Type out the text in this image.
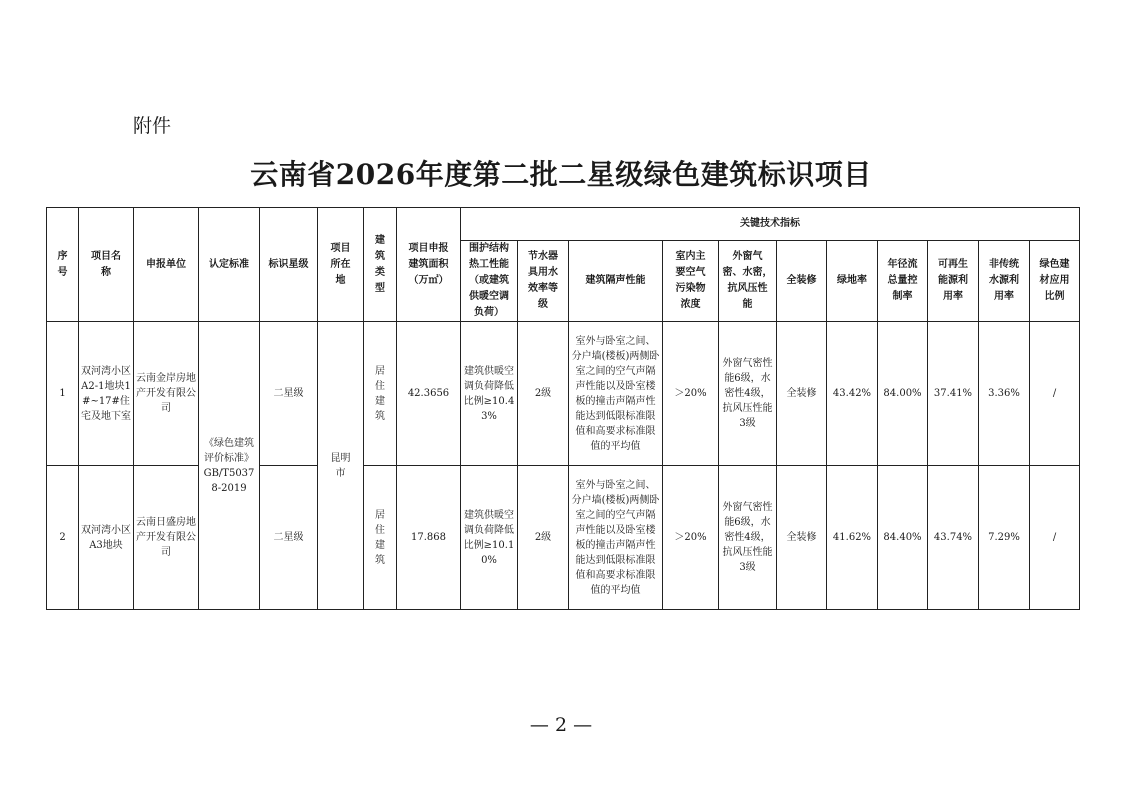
附件
云南省2026年度第二批二星级绿色建筑标识项目
序
号	项目名
称	申报单位	认定标准	标识星级	项目
所在
地	建
筑
类
型	项目申报
建筑面积
（万㎡）	关键技术指标										
								围护结构
热工性能
（或建筑
供暖空调
负荷）	节水器
具用水
效率等
级	建筑隔声性能	室内主
要空气
污染物
浓度	外窗气
密、水密，
抗风压性
能	全装修	绿地率	年径流
总量控
制率	可再生
能源利
用率	非传统
水源利
用率	绿色建
材应用
比例
1	双河湾小区A2-1地块1#~17#住宅及地下室	云南金岸房地产开发有限公司	《绿色建筑评价标准》
GB/T50378-2019	二星级	昆明
市	居
住
建
筑	42.3656	建筑供暖空调负荷降低比例≥10.43%	2级	室外与卧室之间、分户墙(楼板)两侧卧室之间的空气声隔声性能以及卧室楼板的撞击声隔声性能达到低限标准限值和高要求标准限值的平均值	＞20%	外窗气密性能6级，水密性4级，抗风压性能3级	全装修	43.42%	84.00%	37.41%	3.36%	/
2	双河湾小区A3地块	云南日盛房地产开发有限公司		二星级		居
住
建
筑	17.868	建筑供暖空调负荷降低比例≥10.10%	2级	室外与卧室之间、分户墙(楼板)两侧卧室之间的空气声隔声性能以及卧室楼板的撞击声隔声性能达到低限标准限值和高要求标准限值的平均值	＞20%	外窗气密性能6级，水密性4级，抗风压性能3级	全装修	41.62%	84.40%	43.74%	7.29%	/
— 2 —
